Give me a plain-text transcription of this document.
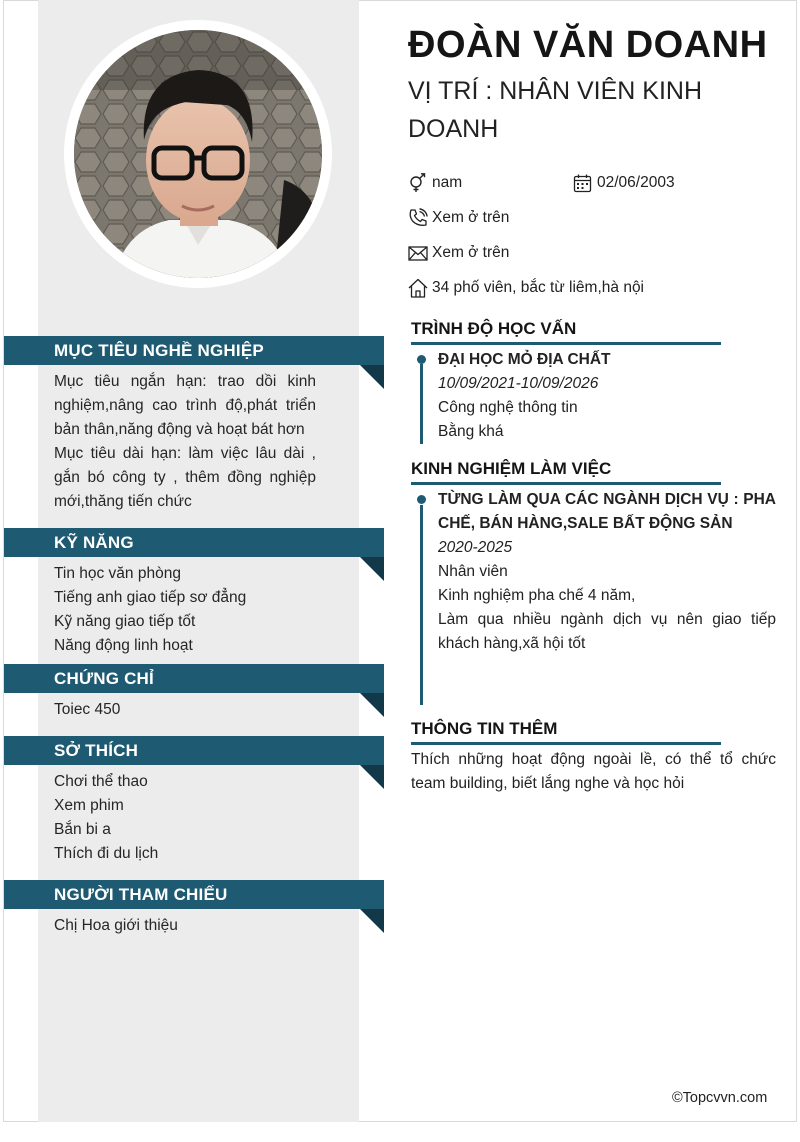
MỤC TIÊU NGHỀ NGHIỆP
Mục tiêu ngắn hạn: trao dồi kinh nghiệm,nâng cao trình độ,phát triển bản thân,năng động và hoạt bát hơn
Mục tiêu dài hạn: làm việc lâu dài , gắn bó công ty , thêm đồng nghiệp mới,thăng tiến chức
KỸ NĂNG
Tin học văn phòng
Tiếng anh giao tiếp sơ đẳng
Kỹ năng giao tiếp tốt
Năng động linh hoạt
CHỨNG CHỈ
Toiec 450
SỞ THÍCH
Chơi thể thao
Xem phim
Bắn bi a
Thích đi du lịch
NGƯỜI THAM CHIẾU
Chị Hoa giới thiệu
ĐOÀN VĂN DOANH
VỊ TRÍ : NHÂN VIÊN KINH DOANH
nam	02/06/2003
Xem ở trên
Xem ở trên
34 phố viên, bắc từ liêm,hà nội
TRÌNH ĐỘ HỌC VẤN
ĐẠI HỌC MỎ ĐỊA CHẤT
10/09/2021-10/09/2026
Công nghệ thông tin
Bằng khá
KINH NGHIỆM LÀM VIỆC
TỪNG LÀM QUA CÁC NGÀNH DỊCH VỤ : PHA CHẾ, BÁN HÀNG,SALE BẤT ĐỘNG SẢN
2020-2025
Nhân viên
Kinh nghiệm pha chế 4 năm,
Làm qua nhiều ngành dịch vụ nên giao tiếp khách hàng,xã hội tốt
THÔNG TIN THÊM
Thích những hoạt động ngoài lề, có thể tổ chức team building, biết lắng nghe và học hỏi
©Topcvvn.com
